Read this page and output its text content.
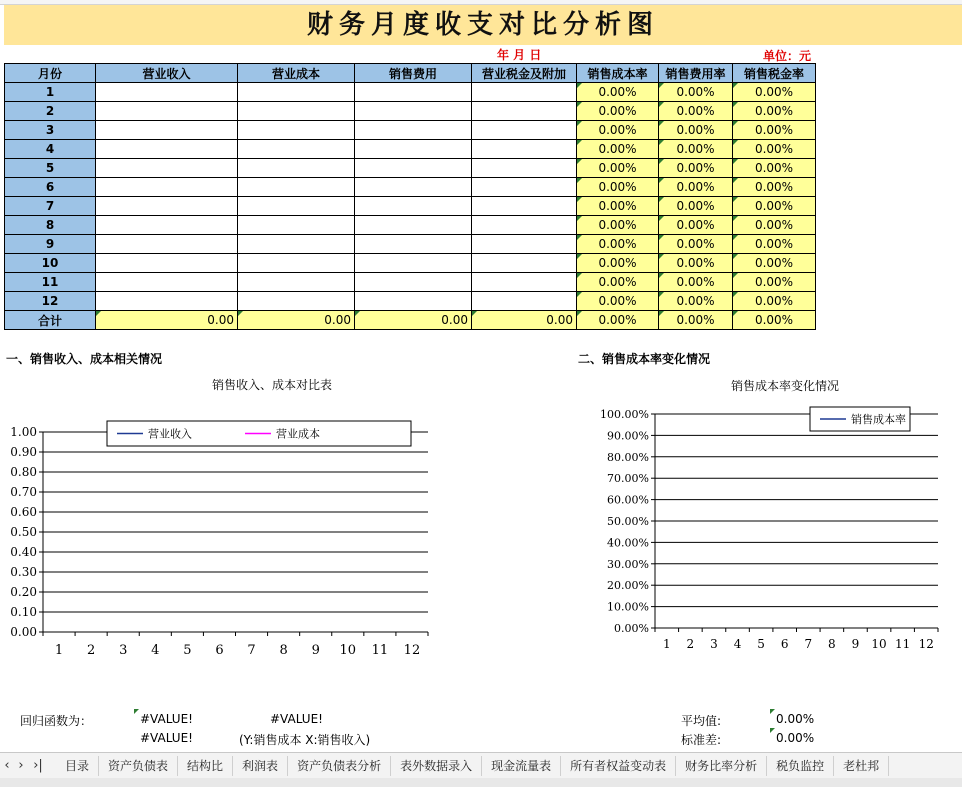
财务月度收支对比分析图
年 月 日	单位：元
月份	营业收入	营业成本	销售费用	营业税金及附加	销售成本率	销售费用率	销售税金率
1					0.00%	0.00%	0.00%
2					0.00%	0.00%	0.00%
3					0.00%	0.00%	0.00%
4					0.00%	0.00%	0.00%
5					0.00%	0.00%	0.00%
6					0.00%	0.00%	0.00%
7					0.00%	0.00%	0.00%
8					0.00%	0.00%	0.00%
9					0.00%	0.00%	0.00%
10					0.00%	0.00%	0.00%
11					0.00%	0.00%	0.00%
12					0.00%	0.00%	0.00%
合计	0.00	0.00	0.00	0.00	0.00%	0.00%	0.00%
一、销售收入、成本相关情况	二、销售成本率变化情况
销售收入、成本对比表	销售成本率变化情况
0.00
0.10
0.20
0.30
0.40
0.50
0.60
0.70
0.80
0.90
1.00
1 2 3 4 5 6 7 8 9 10 11 12
营业收入	营业成本
0.00%
10.00%
20.00%
30.00%
40.00%
50.00%
60.00%
70.00%
80.00%
90.00%
100.00%
1 2 3 4 5 6 7 8 9 10 11 12
销售成本率
回归函数为：	#VALUE!	#VALUE!
#VALUE!	(Y:销售成本 X:销售收入)
平均值:	0.00%
标准差:	0.00%
‹ › ›|	目录	资产负债表	结构比	利润表	资产负债表分析	表外数据录入	现金流量表	所有者权益变动表	财务比率分析	税负监控	老杜邦
